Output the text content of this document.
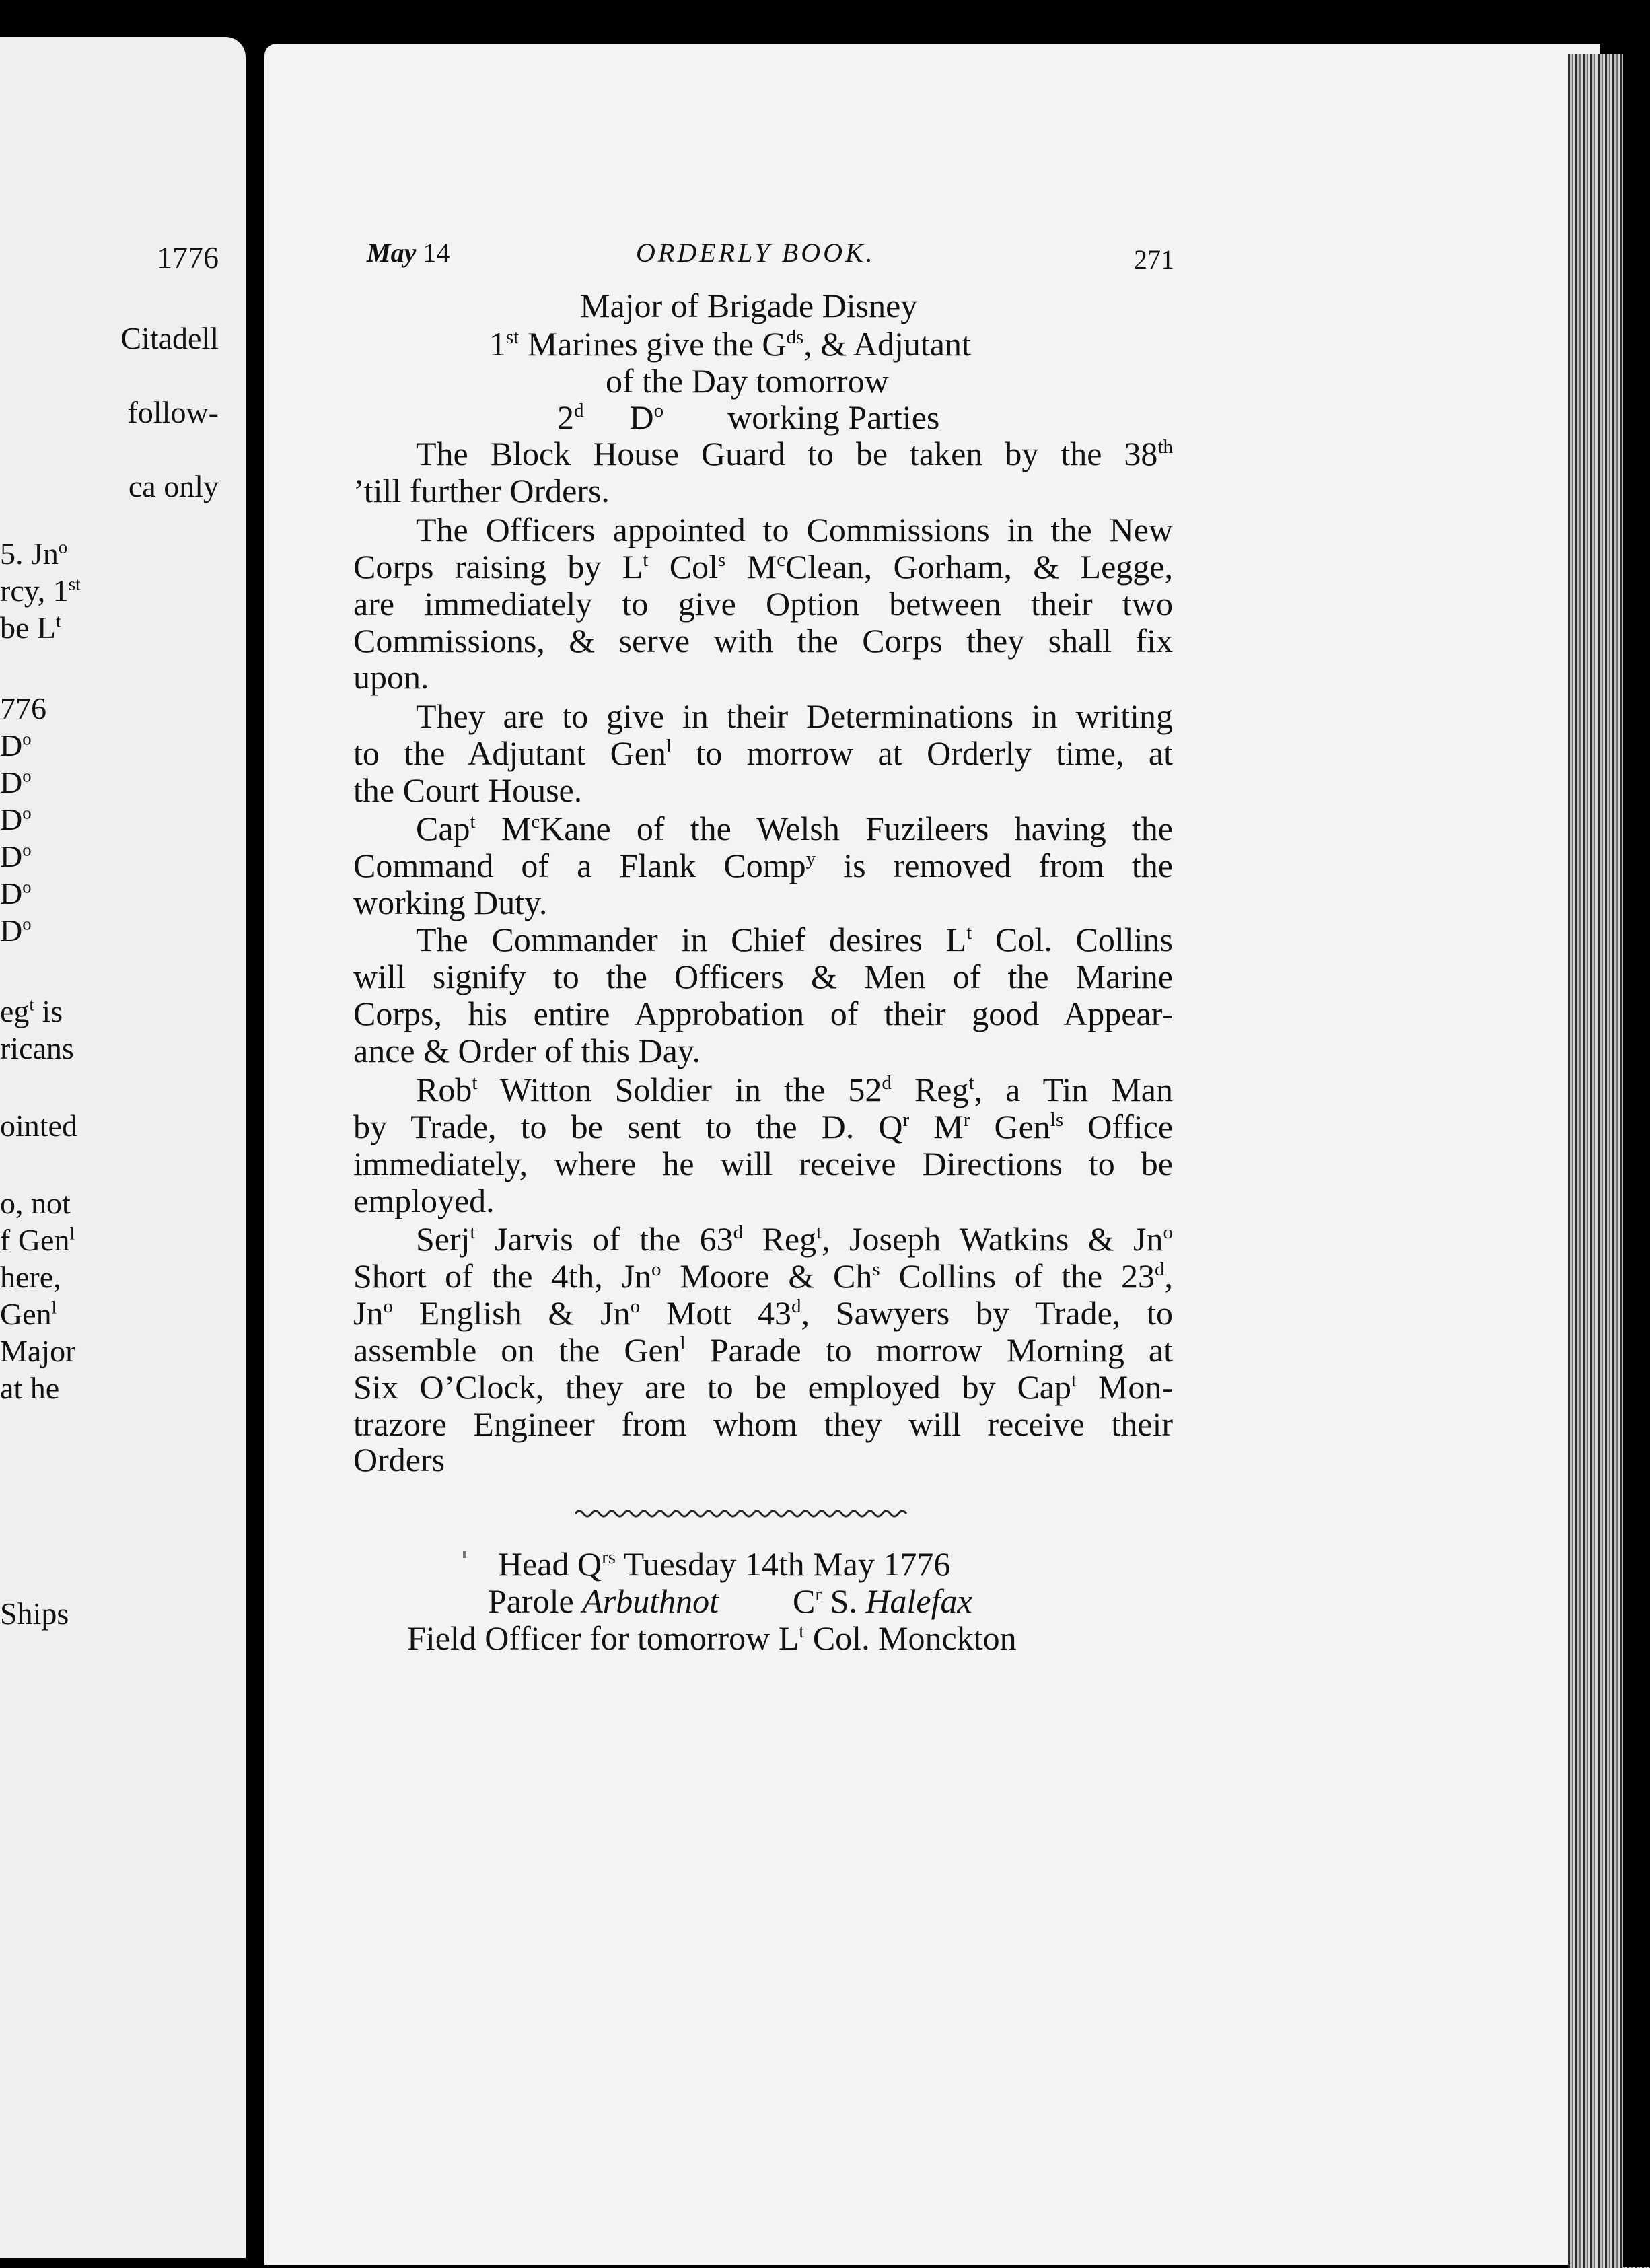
1776
Citadell
follow-
ca only
5. Jn$^o$
rcy, 1st
be $L^t$
776
$D^o$
$D^o$
$D^o$
$D^o$
$D^o$
$D^o$
$eg^t$ is
ricans
ointed
o, not
f Gen$^l$
here,
Gen$^l$
Major
at he
Ships
May 14	ORDERLY BOOK.	271
Major of Brigade Disney
1st Marines give the $G^{ds}$, & Adjutant
of the Day tomorrow
2$^d$ $D^o$ working Parties
The Block House Guard to be taken by the 38th
’till further Orders.
The Officers appointed to Commissions in the New
Corps raising by $L^t$ Col$^s$ $M^cClean$, Gorham, & Legge,
are immediately to give Option between their two
Commissions, & serve with the Corps they shall fix
upon.
They are to give in their Determinations in writing
to the Adjutant Gen$^l$ to morrow at Orderly time, at
the Court House.
Cap$^t$ $M^cKane$ of the Welsh Fuzileers having the
Command of a Flank Comp$^y$ is removed from the
working Duty.
The Commander in Chief desires $L^t$ Col. Collins
will signify to the Officers & Men of the Marine
Corps, his entire Approbation of their good Appear-
ance & Order of this Day.
Rob$^t$ Witton Soldier in the 52$^d$ Reg$^t$, a Tin Man
by Trade, to be sent to the D. $Q^r$ $M^r$ Gen$^{ls}$ Office
immediately, where he will receive Directions to be
employed.
Serj$^t$ Jarvis of the 63$^d$ Reg$^t$, Joseph Watkins & Jn$^o$
Short of the 4th, Jn$^o$ Moore & Ch$^s$ Collins of the 23$^d$,
Jn$^o$ English & Jn$^o$ Mott 43$^d$, Sawyers by Trade, to
assemble on the Gen$^l$ Parade to morrow Morning at
Six O’Clock, they are to be employed by Cap$^t$ Mon-
trazore Engineer from whom they will receive their
Orders
Head $Q^{rs}$ Tuesday 14th May 1776
Parole Arbuthnot $C^r$ S. Halefax
Field Officer for tomorrow $L^t$ Col. Monckton
